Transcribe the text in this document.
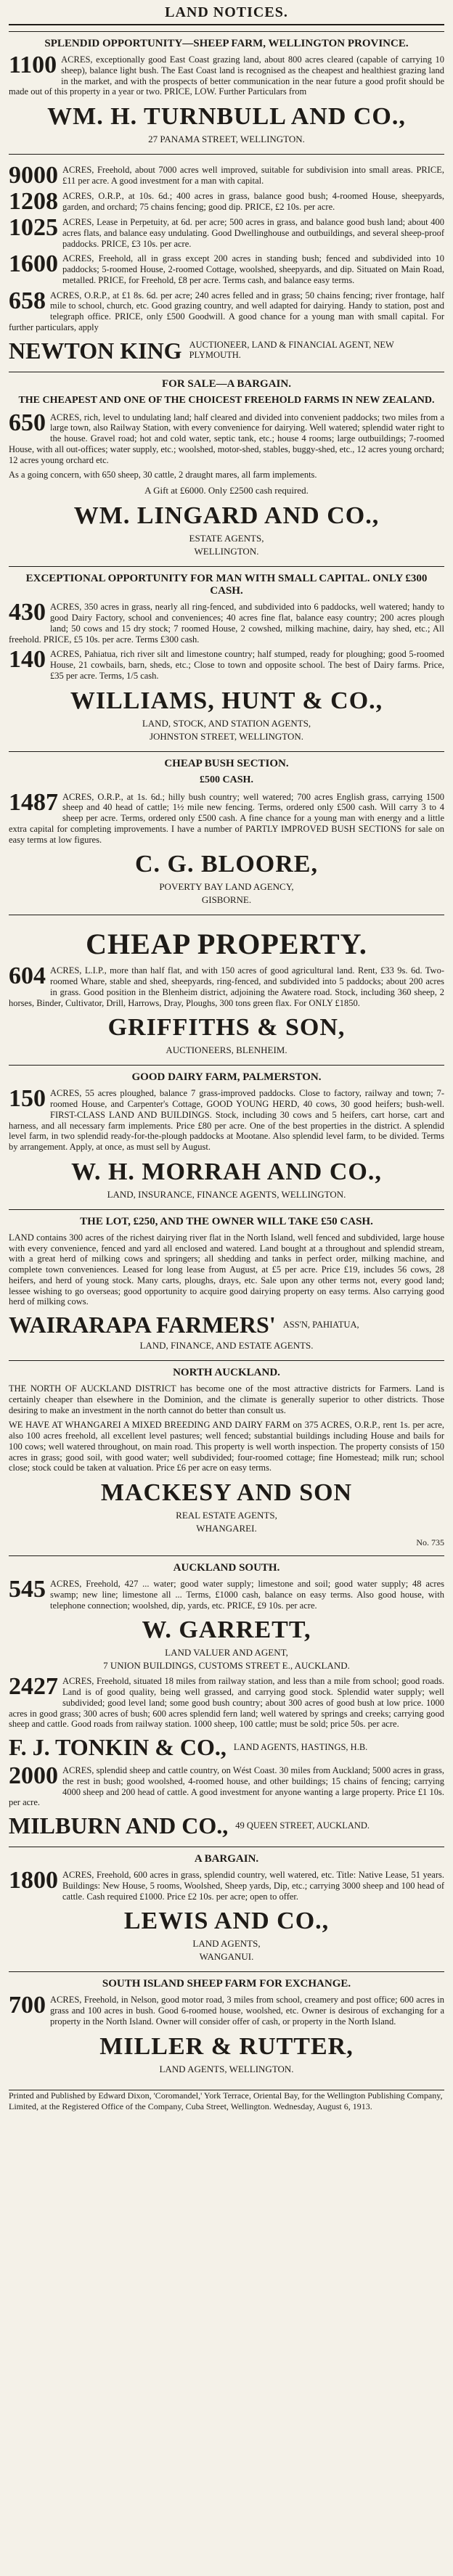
LAND NOTICES.
SPLENDID OPPORTUNITY—SHEEP FARM, WELLINGTON PROVINCE.
1100 ACRES, exceptionally good East Coast grazing land, about 800 acres cleared (capable of carrying 10 sheep), balance light bush. The East Coast land is recognised as the cheapest and healthiest grazing land in the market, and with the prospects of better communication in the near future a good profit should be made out of this property in a year or two. PRICE, LOW. Further Particulars from
WM. H. TURNBULL AND CO.,
27 PANAMA STREET, WELLINGTON.
9000 ACRES, Freehold, about 7000 acres well improved, suitable for subdivision into small areas. PRICE, £11 per acre. A good investment for a man with capital.
1208 ACRES, O.R.P., at 10s. 6d.; 400 acres in grass, balance good bush; 4-roomed House, sheepyards, garden, and orchard; 75 chains fencing; good dip. PRICE, £2 10s. per acre.
1025 ACRES, Lease in Perpetuity, at 6d. per acre; 500 acres in grass, and balance good bush land; about 400 acres flats, and balance easy undulating. Good Dwellinghouse and outbuildings, and several sheep-proof paddocks. PRICE, £3 10s. per acre.
1600 ACRES, Freehold, all in grass except 200 acres in standing bush; fenced and subdivided into 10 paddocks; 5-roomed House, 2-roomed Cottage, woolshed, sheepyards, and dip. Situated on Main Road, metalled. PRICE, for Freehold, £8 per acre. Terms cash, and balance easy terms.
658 ACRES, O.R.P., at £1 8s. 6d. per acre; 240 acres felled and in grass; 50 chains fencing; river frontage, half mile to school, church, etc. Good grazing country, and well adapted for dairying. Handy to station, post and telegraph office. PRICE, only £500 Goodwill. A good chance for a young man with small capital. For further particulars, apply
NEWTON KING AUCTIONEER, LAND & FINANCIAL AGENT, NEW PLYMOUTH.
FOR SALE—A BARGAIN.
THE CHEAPEST AND ONE OF THE CHOICEST FREEHOLD FARMS IN NEW ZEALAND.
650 ACRES, rich, level to undulating land; half cleared and divided into convenient paddocks; two miles from a large town, also Railway Station, with every convenience for dairying. Well watered; splendid water right to the house. Gravel road; hot and cold water, septic tank, etc.; house 4 rooms; large outbuildings; 7-roomed House, with all out-offices; water supply, etc.; woolshed, motor-shed, stables, buggy-shed, etc., 12 acres young orchard; 12 acres young orchard etc.
As a going concern, with 650 sheep, 30 cattle, 2 draught mares, all farm implements.
A Gift at £6000. Only £2500 cash required.
WM. LINGARD AND CO.,
ESTATE AGENTS,
WELLINGTON.
EXCEPTIONAL OPPORTUNITY FOR MAN WITH SMALL CAPITAL. ONLY £300 CASH.
430 ACRES, 350 acres in grass, nearly all ring-fenced, and subdivided into 6 paddocks, well watered; handy to good Dairy Factory, school and conveniences; 40 acres fine flat, balance easy country; 200 acres plough land; 50 cows and 15 dry stock; 7 roomed House, 2 cowshed, milking machine, dairy, hay shed, etc.; All freehold. PRICE, £5 10s. per acre. Terms £300 cash.
140 ACRES, Pahiatua, rich river silt and limestone country; half stumped, ready for ploughing; good 5-roomed House, 21 cowbails, barn, sheds, etc.; Close to town and opposite school. The best of Dairy farms. Price, £35 per acre. Terms, 1/5 cash.
WILLIAMS, HUNT & CO.,
LAND, STOCK, AND STATION AGENTS,
JOHNSTON STREET, WELLINGTON.
CHEAP BUSH SECTION.
£500 CASH.
1487 ACRES, O.R.P., at 1s. 6d.; hilly bush country; well watered; 700 acres English grass, carrying 1500 sheep and 40 head of cattle; 1½ mile new fencing. Terms, ordered only £500 cash. Will carry 3 to 4 sheep per acre. Terms, ordered only £500 cash. A fine chance for a young man with energy and a little extra capital for completing improvements. I have a number of PARTLY IMPROVED BUSH SECTIONS for sale on easy terms at low figures.
C. G. BLOORE,
POVERTY BAY LAND AGENCY,
GISBORNE.
CHEAP PROPERTY.
604 ACRES, L.I.P., more than half flat, and with 150 acres of good agricultural land. Rent, £33 9s. 6d. Two-roomed Whare, stable and shed, sheepyards, ring-fenced, and subdivided into 5 paddocks; about 200 acres in grass. Good position in the Blenheim district, adjoining the Awatere road. Stock, including 360 sheep, 2 horses, Binder, Cultivator, Drill, Harrows, Dray, Ploughs, 300 tons green flax. For ONLY £1850.
GRIFFITHS & SON,
AUCTIONEERS, BLENHEIM.
GOOD DAIRY FARM, PALMERSTON.
150 ACRES, 55 acres ploughed, balance 7 grass-improved paddocks. Close to factory, railway and town; 7-roomed House, and Carpenter's Cottage, GOOD YOUNG HERD, 40 cows, 30 good heifers; bush-well. FIRST-CLASS LAND AND BUILDINGS. Stock, including 30 cows and 5 heifers, cart horse, cart and harness, and all necessary farm implements. Price £80 per acre. One of the best properties in the district. A splendid level farm, in two splendid ready-for-the-plough paddocks at Mootane. Also splendid level farm, to be divided. Terms by arrangement. Apply, at once, as must sell by August.
W. H. MORRAH AND CO.,
LAND, INSURANCE, FINANCE AGENTS, WELLINGTON.
THE LOT, £250, AND THE OWNER WILL TAKE £50 CASH.
LAND contains 300 acres of the richest dairying river flat in the North Island, well fenced and subdivided, large house with every convenience, fenced and yard all enclosed and watered. Land bought at a throughout and splendid stream, with a great herd of milking cows and springers; all shedding and tanks in perfect order, milking machine, and complete town conveniences. Leased for long lease from August, at £5 per acre. Price £19, includes 56 cows, 28 heifers, and herd of young stock. Many carts, ploughs, drays, etc. Sale upon any other terms not, every good land; lessee wishing to go overseas; good opportunity to acquire good dairying property on easy terms. Also carrying good herd of milking cows.
WAIRARAPA FARMERS' ASS'N, PAHIATUA,
LAND, FINANCE, AND ESTATE AGENTS.
NORTH AUCKLAND.
THE NORTH OF AUCKLAND DISTRICT has become one of the most attractive districts for Farmers. Land is certainly cheaper than elsewhere in the Dominion, and the climate is generally superior to other districts. Those desiring to make an investment in the north cannot do better than consult us.
WE HAVE AT WHANGAREI A MIXED BREEDING AND DAIRY FARM on 375 ACRES, O.R.P., rent 1s. per acre, also 100 acres freehold, all excellent level pastures; well fenced; substantial buildings including House and bails for 100 cows; well watered throughout, on main road. This property is well worth inspection. The property consists of 150 acres in grass; good soil, with good water; well subdivided; four-roomed cottage; fine Homestead; milk run; school close; stock could be taken at valuation. Price £6 per acre on easy terms.
MACKESY AND SON
REAL ESTATE AGENTS,
WHANGAREI.
No. 735
AUCKLAND SOUTH.
545 ACRES, Freehold, 427 ... water; good water supply; limestone and soil; good water supply; 48 acres swamp; new line; limestone all ... Terms, £1000 cash, balance on easy terms. Also good house, with telephone connection; woolshed, dip, yards, etc. PRICE, £9 10s. per acre.
W. GARRETT,
LAND VALUER AND AGENT,
7 UNION BUILDINGS, CUSTOMS STREET E., AUCKLAND.
2427 ACRES, Freehold, situated 18 miles from railway station, and less than a mile from school; good roads. Land is of good quality, being well grassed, and carrying good stock. Splendid water supply; well subdivided; good level land; some good bush country; about 300 acres of good bush at low price. 1000 acres in good grass; 300 acres of bush; 600 acres splendid fern land; well watered by springs and creeks; carrying good sheep and cattle. Good roads from railway station. 1000 sheep, 100 cattle; must be sold; price 50s. per acre.
F. J. TONKIN & CO., LAND AGENTS, HASTINGS, H.B.
2000 ACRES, splendid sheep and cattle country, on Wést Coast. 30 miles from Auckland; 5000 acres in grass, the rest in bush; good woolshed, 4-roomed house, and other buildings; 15 chains of fencing; carrying 4000 sheep and 200 head of cattle. A good investment for anyone wanting a large property. Price £1 10s. per acre.
MILBURN AND CO., 49 QUEEN STREET, AUCKLAND.
A BARGAIN.
1800 ACRES, Freehold, 600 acres in grass, splendid country, well watered, etc. Title: Native Lease, 51 years. Buildings: New House, 5 rooms, Woolshed, Sheep yards, Dip, etc.; carrying 3000 sheep and 100 head of cattle. Cash required £1000. Price £2 10s. per acre; open to offer.
LEWIS AND CO.,
LAND AGENTS,
WANGANUI.
SOUTH ISLAND SHEEP FARM FOR EXCHANGE.
700 ACRES, Freehold, in Nelson, good motor road, 3 miles from school, creamery and post office; 600 acres in grass and 100 acres in bush. Good 6-roomed house, woolshed, etc. Owner is desirous of exchanging for a property in the North Island. Owner will consider offer of cash, or property in the North Island.
MILLER & RUTTER,
LAND AGENTS, WELLINGTON.
Printed and Published by Edward Dixon, 'Coromandel,' York Terrace, Oriental Bay, for the Wellington Publishing Company, Limited, at the Registered Office of the Company, Cuba Street, Wellington. Wednesday, August 6, 1913.
